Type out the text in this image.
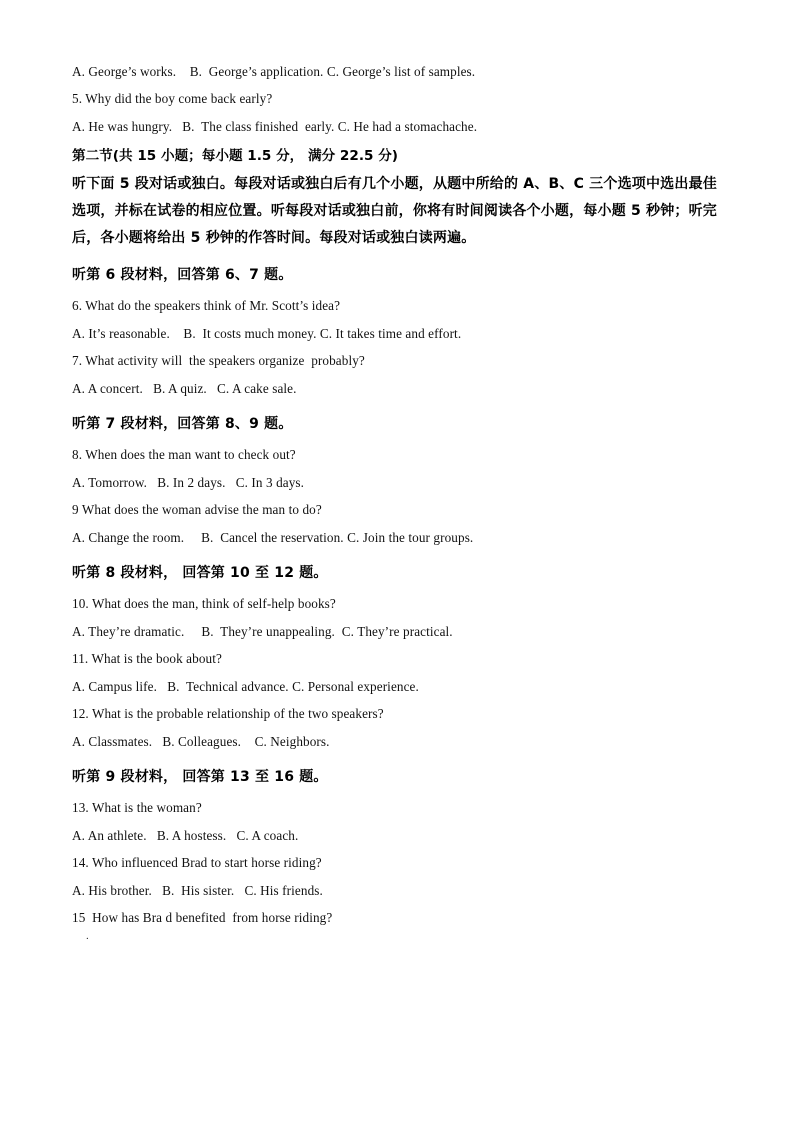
A. George’s works.    B.  George’s application. C. George’s list of samples.
5. Why did the boy come back early?
A. He was hungry.   B.  The class finished  early. C. He had a stomachache.
第二节(共 15 小题；每小题 1.5 分， 满分 22.5 分)
听下面 5 段对话或独白。每段对话或独白后有几个小题，从题中所给的 A、B、C 三个选项中选出最佳选项，并标在试卷的相应位置。听每段对话或独白前，你将有时间阅读各个小题，每小题 5 秒钟；听完后，各小题将给出 5 秒钟的作答时间。每段对话或独白读两遍。
听第 6 段材料，回答第 6、7 题。
6. What do the speakers think of Mr. Scott’s idea?
A. It’s reasonable.    B.  It costs much money. C. It takes time and effort.
7. What activity will  the speakers organize  probably?
A. A concert.   B. A quiz.   C. A cake sale.
听第 7 段材料，回答第 8、9 题。
8. When does the man want to check out?
A. Tomorrow.   B. In 2 days.   C. In 3 days.
9 What does the woman advise the man to do?
A. Change the room.     B.  Cancel the reservation. C. Join the tour groups.
听第 8 段材料， 回答第 10 至 12 题。
10. What does the man, think of self-help books?
A. They’re dramatic.     B.  They’re unappealing.  C. They’re practical.
11. What is the book about?
A. Campus life.   B.  Technical advance. C. Personal experience.
12. What is the probable relationship of the two speakers?
A. Classmates.   B. Colleagues.    C. Neighbors.
听第 9 段材料， 回答第 13 至 16 题。
13. What is the woman?
A. An athlete.   B. A hostess.   C. A coach.
14. Who influenced Brad to start horse riding?
A. His brother.   B.  His sister.   C. His friends.
15  How has Bra d benefited  from horse riding?
.
